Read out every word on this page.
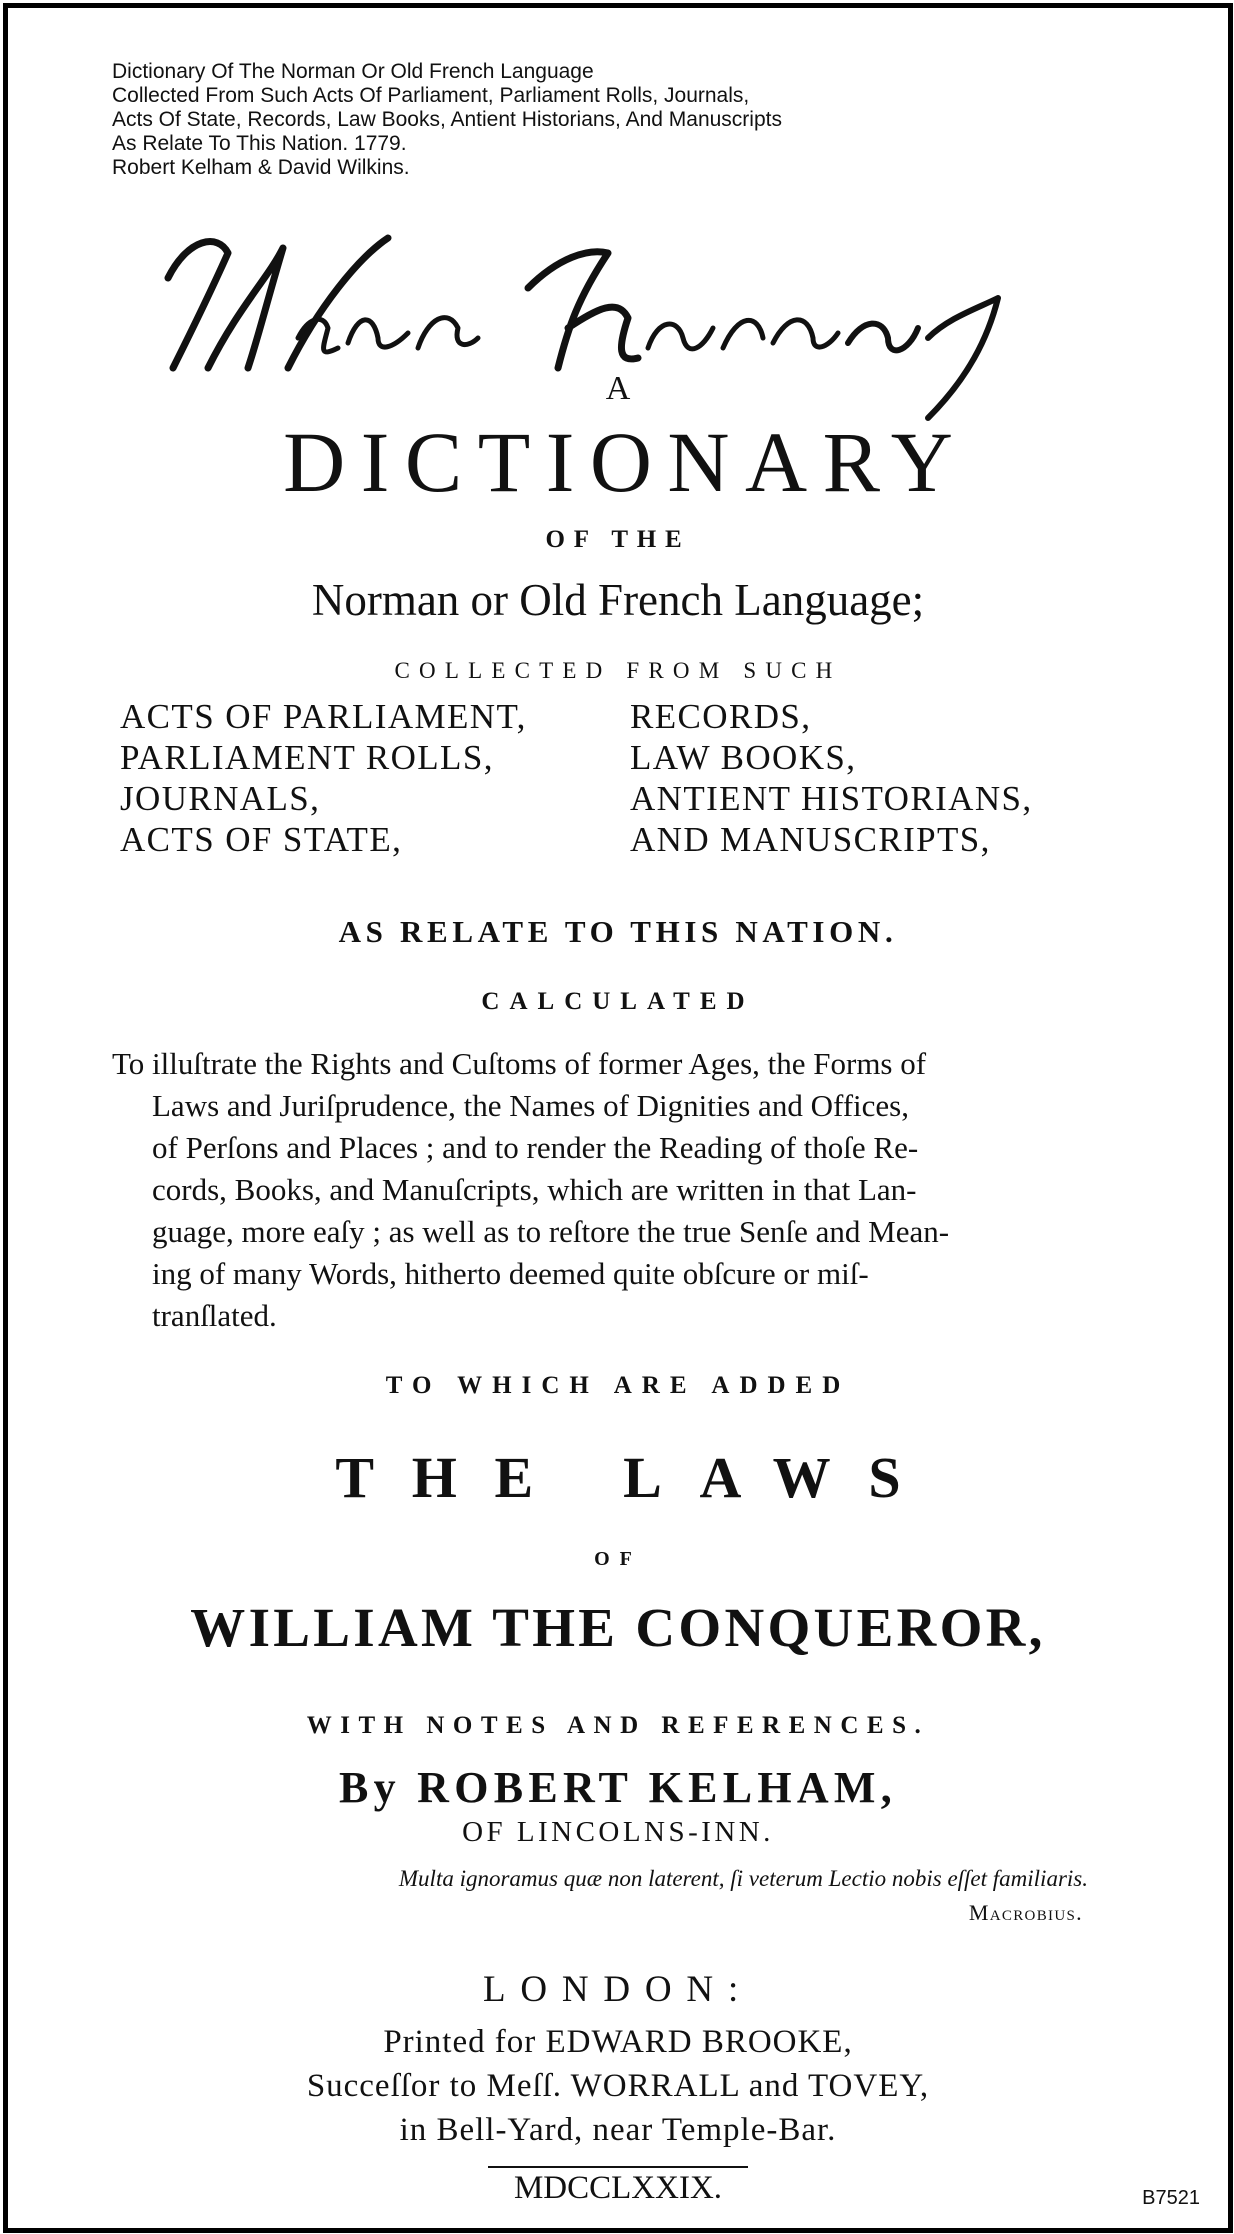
Dictionary Of The Norman Or Old French Language
Collected From Such Acts Of Parliament, Parliament Rolls, Journals,
Acts Of State, Records, Law Books, Antient Historians, And Manuscripts
As Relate To This Nation. 1779.
Robert Kelham & David Wilkins.
A
DICTIONARY
OF THE
Norman or Old French Language;
COLLECTED FROM SUCH
ACTS OF PARLIAMENT,
PARLIAMENT ROLLS,
JOURNALS,
ACTS OF STATE,
RECORDS,
LAW BOOKS,
ANTIENT HISTORIANS,
AND MANUSCRIPTS,
AS RELATE TO THIS NATION.
CALCULATED
To illuſtrate the Rights and Cuſtoms of former Ages, the Forms of
Laws and Juriſprudence, the Names of Dignities and Offices,
of Perſons and Places ; and to render the Reading of thoſe Re-
cords, Books, and Manuſcripts, which are written in that Lan-
guage, more eaſy ; as well as to reſtore the true Senſe and Mean-
ing of many Words, hitherto deemed quite obſcure or miſ-
tranſlated.
TO WHICH ARE ADDED
THE LAWS
OF
WILLIAM THE CONQUEROR,
WITH NOTES AND REFERENCES.
By ROBERT KELHAM,
OF LINCOLNS-INN.
Multa ignoramus quæ non laterent, ſi veterum Lectio nobis eſſet familiaris.
Macrobius.
LONDON:
Printed for EDWARD BROOKE,
Succeſſor to Meſſ. WORRALL and TOVEY,
in Bell-Yard, near Temple-Bar.
MDCCLXXIX.	B7521
